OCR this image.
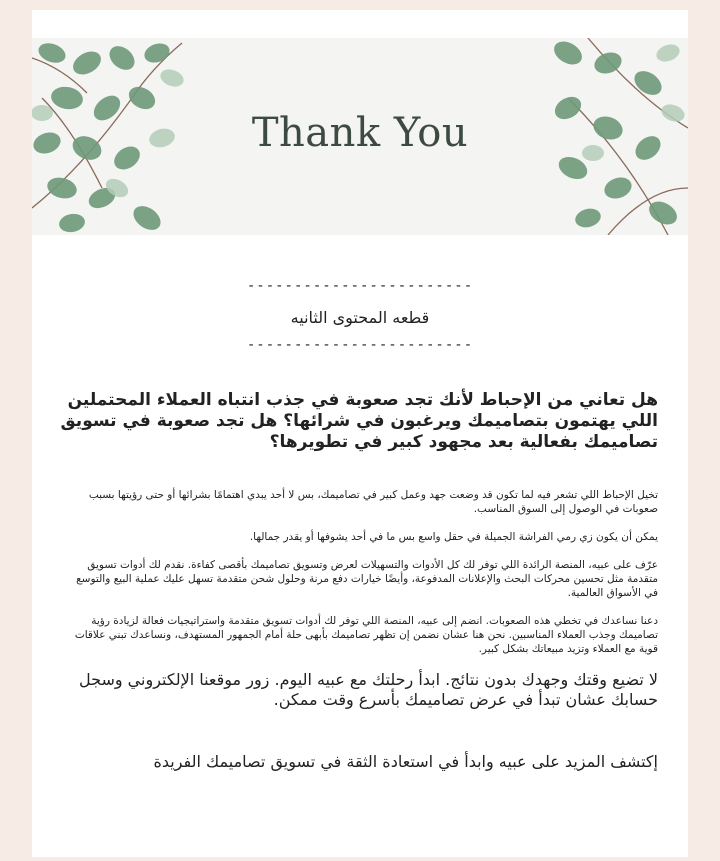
Thank You
------------------------
قطعه المحتوى الثانيه
------------------------
هل تعاني من الإحباط لأنك تجد صعوبة في جذب انتباه العملاء المحتملين اللي يهتمون بتصاميمك ويرغبون في شرائها؟ هل تجد صعوبة في تسويق تصاميمك بفعالية بعد مجهود كبير في تطويرها؟
تخيل الإحباط اللي تشعر فيه لما تكون قد وضعت جهد وعمل كبير في تصاميمك، بس لا أحد يبدي اهتمامًا بشرائها أو حتى رؤيتها بسبب صعوبات في الوصول إلى السوق المناسب.
يمكن أن يكون زي رمي الفراشة الجميلة في حقل واسع بس ما في أحد يشوفها أو يقدر جمالها.
عرّف على عبيه، المنصة الرائدة اللي توفر لك كل الأدوات والتسهيلات لعرض وتسويق تصاميمك بأقصى كفاءة. نقدم لك أدوات تسويق متقدمة مثل تحسين محركات البحث والإعلانات المدفوعة، وأيضًا خيارات دفع مرنة وحلول شحن متقدمة تسهل عليك عملية البيع والتوسع في الأسواق العالمية.
دعنا نساعدك في تخطي هذه الصعوبات. انضم إلى عبيه، المنصة اللي توفر لك أدوات تسويق متقدمة واستراتيجيات فعالة لزيادة رؤية تصاميمك وجذب العملاء المناسبين. نحن هنا عشان نضمن إن تظهر تصاميمك بأبهى حلة أمام الجمهور المستهدف، ونساعدك تبني علاقات قوية مع العملاء وتزيد مبيعاتك بشكل كبير.
لا تضيع وقتك وجهدك بدون نتائج. ابدأ رحلتك مع عبيه اليوم. زور موقعنا الإلكتروني وسجل حسابك عشان تبدأ في عرض تصاميمك بأسرع وقت ممكن.
إكتشف المزيد على عبيه وابدأ في استعادة الثقة في تسويق تصاميمك الفريدة
